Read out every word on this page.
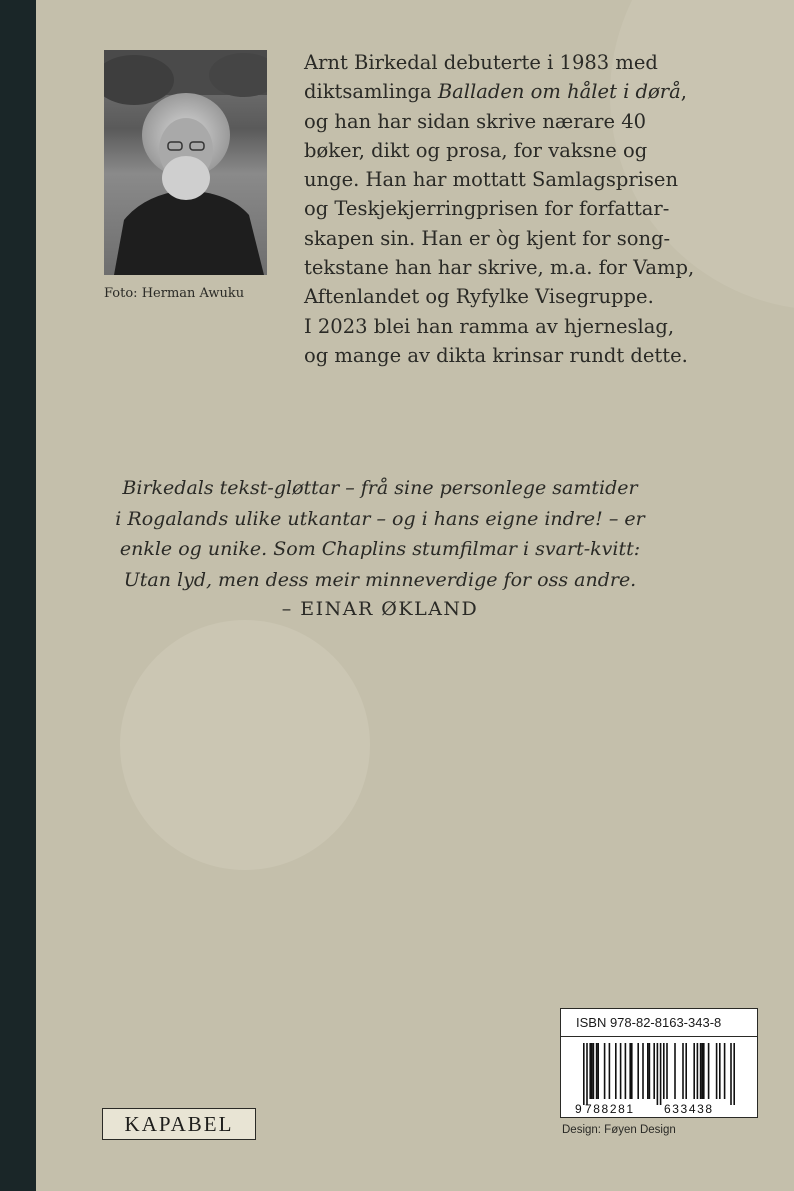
Foto: Herman Awuku
Arnt Birkedal debuterte i 1983 med
diktsamlinga Balladen om hålet i dørå,
og han har sidan skrive nærare 40
bøker, dikt og prosa, for vaksne og
unge. Han har mottatt Samlagsprisen
og Teskjekjerringprisen for forfattar-
skapen sin. Han er òg kjent for song-
tekstane han har skrive, m.a. for Vamp,
Aftenlandet og Ryfylke Visegruppe.
I 2023 blei han ramma av hjerneslag,
og mange av dikta krinsar rundt dette.
Birkedals tekst-gløttar – frå sine personlege samtider
i Rogalands ulike utkantar – og i hans eigne indre! – er
enkle og unike. Som Chaplins stumfilmar i svart-kvitt:
Utan lyd, men dess meir minneverdige for oss andre.
– EINAR ØKLAND
KAPABEL
ISBN 978-82-8163-343-8
9 788281 633438
Design: Føyen Design
